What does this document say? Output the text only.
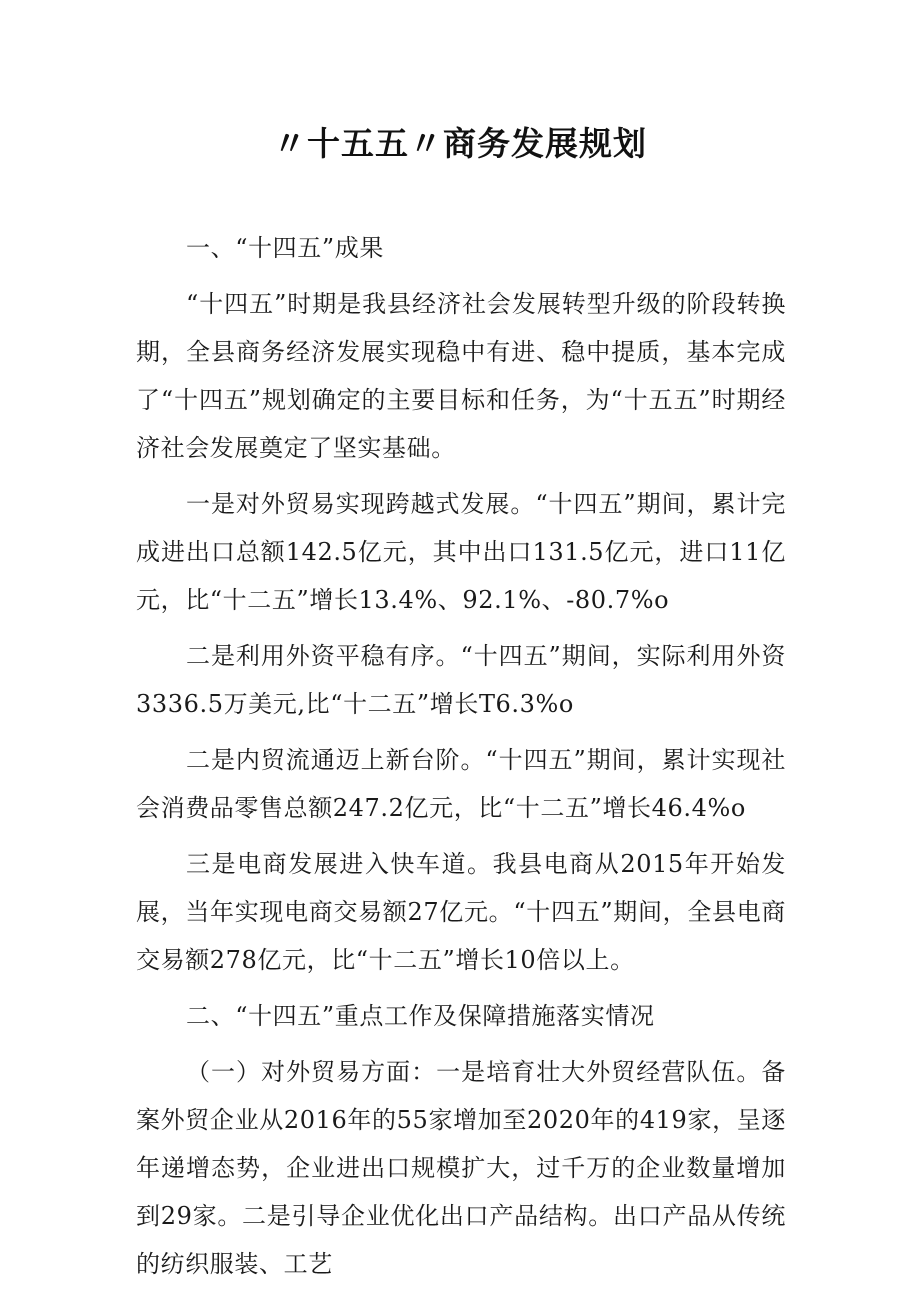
〃十五五〃商务发展规划

一、“十四五”成果

“十四五”时期是我县经济社会发展转型升级的阶段转换期，全县商务经济发展实现稳中有进、稳中提质，基本完成了“十四五”规划确定的主要目标和任务，为“十五五”时期经济社会发展奠定了坚实基础。

一是对外贸易实现跨越式发展。“十四五”期间，累计完成进出口总额142.5亿元，其中出口131.5亿元，进口11亿元，比“十二五”增长13.4%、92.1%、-80.7%o

二是利用外资平稳有序。“十四五”期间，实际利用外资3336.5万美元,比“十二五”增长T6.3%o

二是内贸流通迈上新台阶。“十四五”期间，累计实现社会消费品零售总额247.2亿元，比“十二五”增长46.4%o

三是电商发展进入快车道。我县电商从2015年开始发展，当年实现电商交易额27亿元。“十四五”期间，全县电商交易额278亿元，比“十二五”增长10倍以上。

二、“十四五”重点工作及保障措施落实情况

（一）对外贸易方面：一是培育壮大外贸经营队伍。备案外贸企业从2016年的55家增加至2020年的419家，呈逐年递增态势，企业进出口规模扩大，过千万的企业数量增加到29家。二是引导企业优化出口产品结构。出口产品从传统的纺织服装、工艺
